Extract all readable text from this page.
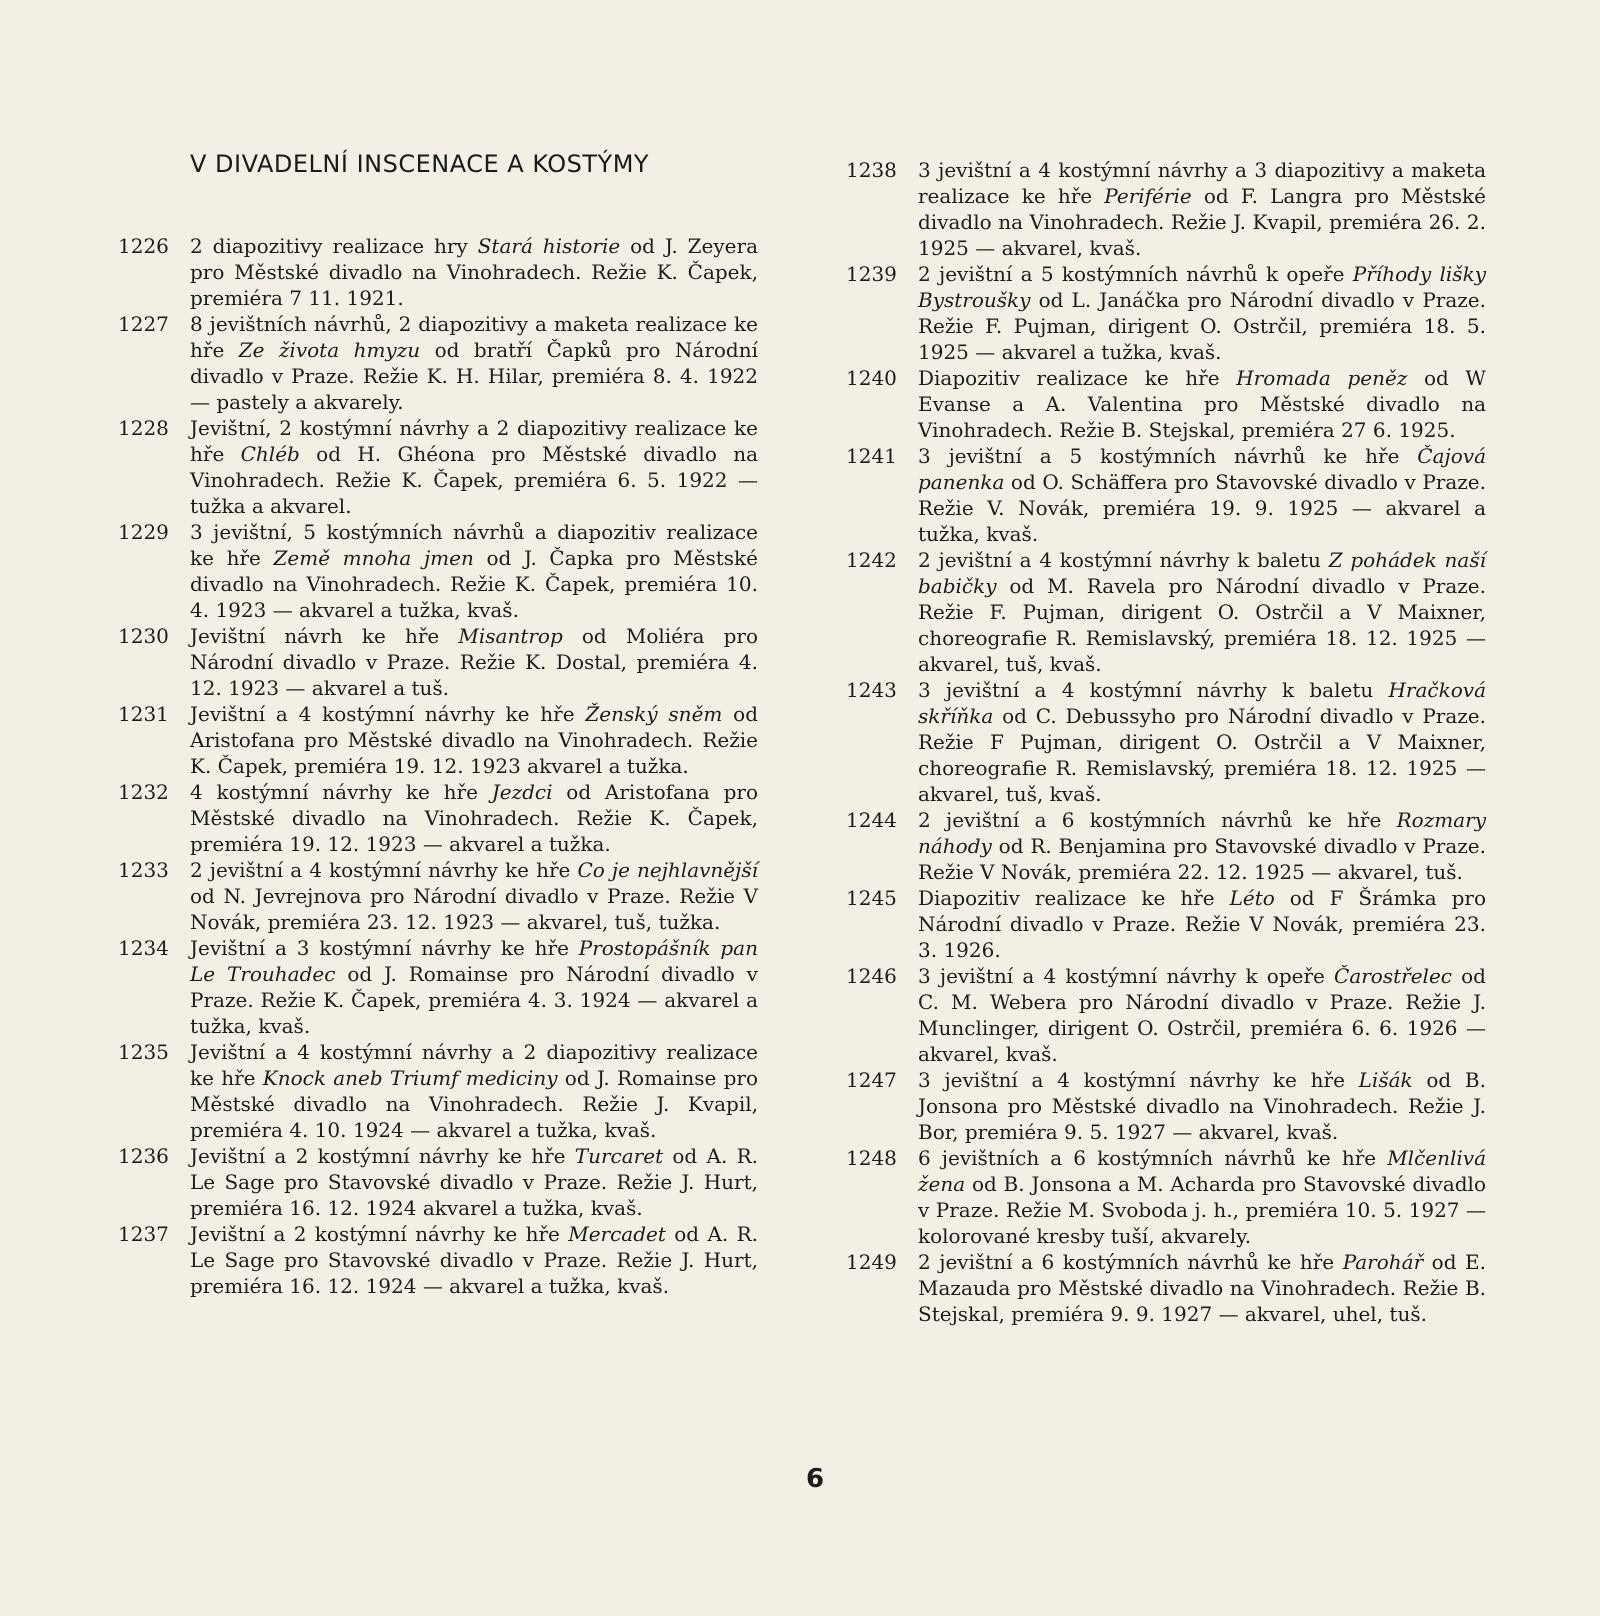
V DIVADELNÍ INSCENACE A KOSTÝMY
1226	2 diapozitivy realizace hry Stará historie od J. Zeyera pro Městské divadlo na Vinohradech. Režie K. Čapek, premiéra 7 11. 1921.
1227	8 jevištních návrhů, 2 diapozitivy a maketa realizace ke hře Ze života hmyzu od bratří Čapků pro Národní divadlo v Praze. Režie K. H. Hilar, premiéra 8. 4. 1922 — pastely a akvarely.
1228	Jevištní, 2 kostýmní návrhy a 2 diapozitivy realizace ke hře Chléb od H. Ghéona pro Městské divadlo na Vinohradech. Režie K. Čapek, premiéra 6. 5. 1922 — tužka a akvarel.
1229	3 jevištní, 5 kostýmních návrhů a diapozitiv realizace ke hře Země mnoha jmen od J. Čapka pro Městské divadlo na Vinohradech. Režie K. Čapek, premiéra 10. 4. 1923 — akvarel a tužka, kvaš.
1230	Jevištní návrh ke hře Misantrop od Moliéra pro Národní divadlo v Praze. Režie K. Dostal, premiéra 4. 12. 1923 — akvarel a tuš.
1231	Jevištní a 4 kostýmní návrhy ke hře Ženský sněm od Aristofana pro Městské divadlo na Vinohradech. Režie K. Čapek, premiéra 19. 12. 1923 akvarel a tužka.
1232	4 kostýmní návrhy ke hře Jezdci od Aristofana pro Městské divadlo na Vinohradech. Režie K. Čapek, premiéra 19. 12. 1923 — akvarel a tužka.
1233	2 jevištní a 4 kostýmní návrhy ke hře Co je nejhlavnější od N. Jevrejnova pro Národní divadlo v Praze. Režie V Novák, premiéra 23. 12. 1923 — akvarel, tuš, tužka.
1234	Jevištní a 3 kostýmní návrhy ke hře Prostopášník pan Le Trouhadec od J. Romainse pro Národní divadlo v Praze. Režie K. Čapek, premiéra 4. 3. 1924 — akvarel a tužka, kvaš.
1235	Jevištní a 4 kostýmní návrhy a 2 diapozitivy realizace ke hře Knock aneb Triumf mediciny od J. Romainse pro Městské divadlo na Vinohradech. Režie J. Kvapil, premiéra 4. 10. 1924 — akvarel a tužka, kvaš.
1236	Jevištní a 2 kostýmní návrhy ke hře Turcaret od A. R. Le Sage pro Stavovské divadlo v Praze. Režie J. Hurt, premiéra 16. 12. 1924 akvarel a tužka, kvaš.
1237	Jevištní a 2 kostýmní návrhy ke hře Mercadet od A. R. Le Sage pro Stavovské divadlo v Praze. Režie J. Hurt, premiéra 16. 12. 1924 — akvarel a tužka, kvaš.
1238	3 jevištní a 4 kostýmní návrhy a 3 diapozitivy a maketa realizace ke hře Periférie od F. Langra pro Městské divadlo na Vinohradech. Režie J. Kvapil, premiéra 26. 2. 1925 — akvarel, kvaš.
1239	2 jevištní a 5 kostýmních návrhů k opeře Příhody lišky Bystroušky od L. Janáčka pro Národní divadlo v Praze. Režie F. Pujman, dirigent O. Ostrčil, premiéra 18. 5. 1925 — akvarel a tužka, kvaš.
1240	Diapozitiv realizace ke hře Hromada peněz od W Evanse a A. Valentina pro Městské divadlo na Vinohradech. Režie B. Stejskal, premiéra 27 6. 1925.
1241	3 jevištní a 5 kostýmních návrhů ke hře Čajová panenka od O. Schäffera pro Stavovské divadlo v Praze. Režie V. Novák, premiéra 19. 9. 1925 — akvarel a tužka, kvaš.
1242	2 jevištní a 4 kostýmní návrhy k baletu Z pohádek naší babičky od M. Ravela pro Národní divadlo v Praze. Režie F. Pujman, dirigent O. Ostrčil a V Maixner, choreografie R. Remislavský, premiéra 18. 12. 1925 — akvarel, tuš, kvaš.
1243	3 jevištní a 4 kostýmní návrhy k baletu Hračková skříňka od C. Debussyho pro Národní divadlo v Praze. Režie F Pujman, dirigent O. Ostrčil a V Maixner, choreografie R. Remislavský, premiéra 18. 12. 1925 — akvarel, tuš, kvaš.
1244	2 jevištní a 6 kostýmních návrhů ke hře Rozmary náhody od R. Benjamina pro Stavovské divadlo v Praze. Režie V Novák, premiéra 22. 12. 1925 — akvarel, tuš.
1245	Diapozitiv realizace ke hře Léto od F Šrámka pro Národní divadlo v Praze. Režie V Novák, premiéra 23. 3. 1926.
1246	3 jevištní a 4 kostýmní návrhy k opeře Čarostřelec od C. M. Webera pro Národní divadlo v Praze. Režie J. Munclinger, dirigent O. Ostrčil, premiéra 6. 6. 1926 — akvarel, kvaš.
1247	3 jevištní a 4 kostýmní návrhy ke hře Lišák od B. Jonsona pro Městské divadlo na Vinohradech. Režie J. Bor, premiéra 9. 5. 1927 — akvarel, kvaš.
1248	6 jevištních a 6 kostýmních návrhů ke hře Mlčenlivá žena od B. Jonsona a M. Acharda pro Stavovské divadlo v Praze. Režie M. Svoboda j. h., premiéra 10. 5. 1927 — kolorované kresby tuší, akvarely.
1249	2 jevištní a 6 kostýmních návrhů ke hře Parohář od E. Mazauda pro Městské divadlo na Vinohradech. Režie B. Stejskal, premiéra 9. 9. 1927 — akvarel, uhel, tuš.
6
